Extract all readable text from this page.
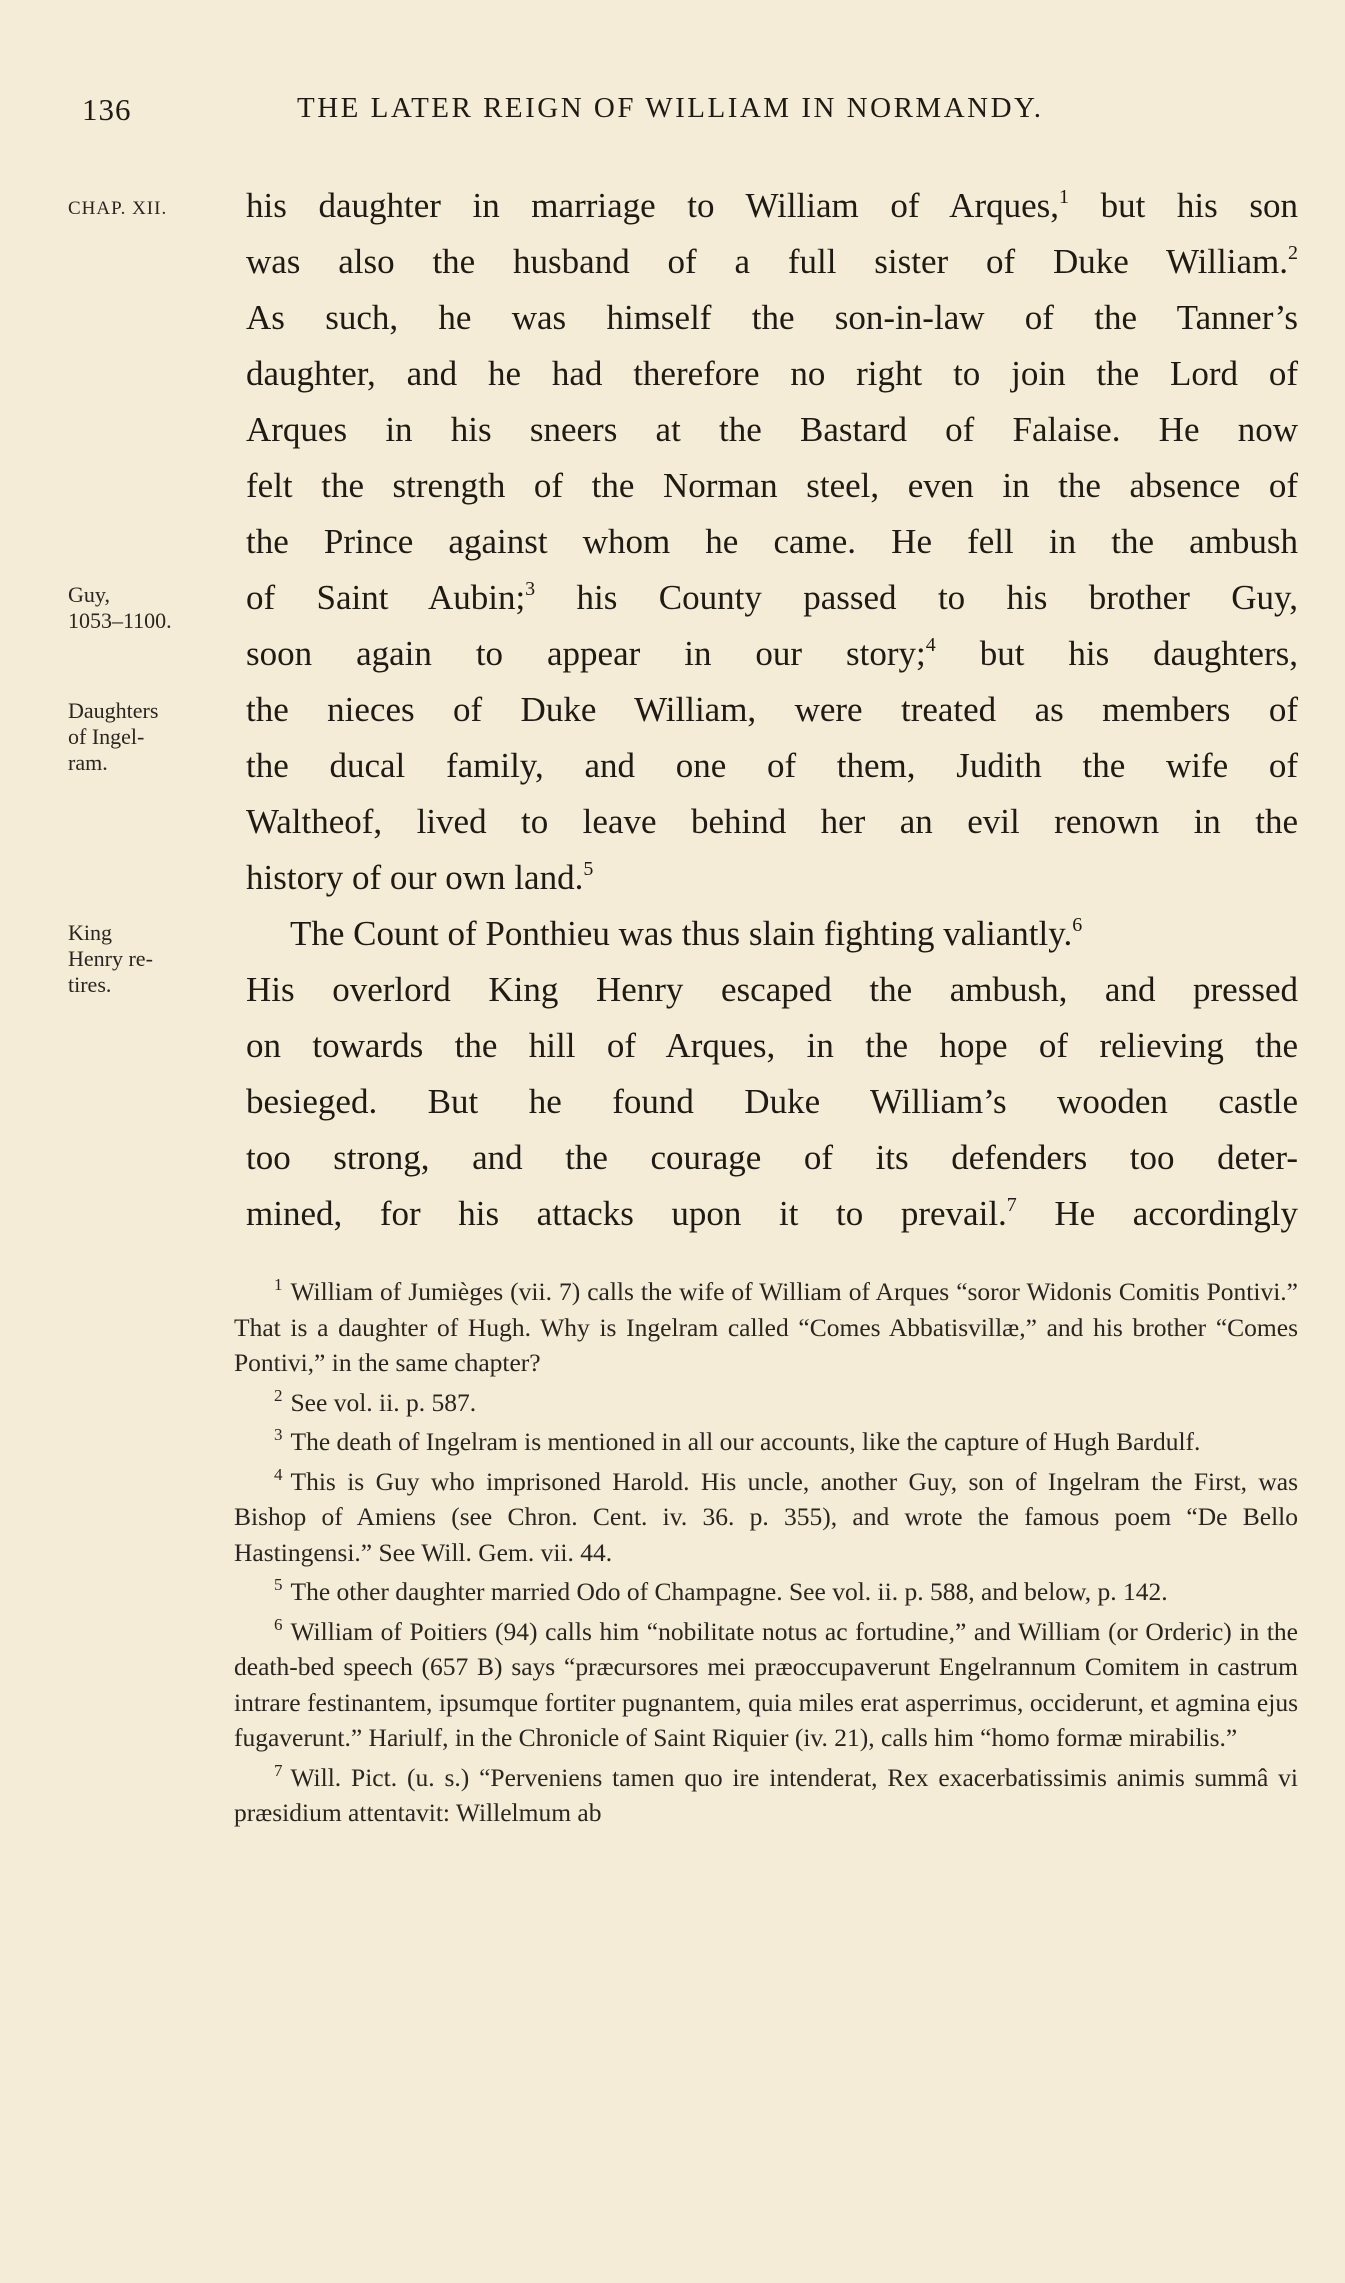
136	THE LATER REIGN OF WILLIAM IN NORMANDY.
CHAP. XII.
Guy,
1053–1100.
Daughters
of Ingel-
ram.
King
Henry re-
tires.
his daughter in marriage to William of Arques,$^1$ but his son
was also the husband of a full sister of Duke William.$^2$
As such, he was himself the son-in-law of the Tanner’s
daughter, and he had therefore no right to join the Lord of
Arques in his sneers at the Bastard of Falaise. He now
felt the strength of the Norman steel, even in the absence of
the Prince against whom he came. He fell in the ambush
of Saint Aubin;$^3$ his County passed to his brother Guy,
soon again to appear in our story;$^4$ but his daughters,
the nieces of Duke William, were treated as members of
the ducal family, and one of them, Judith the wife of
Waltheof, lived to leave behind her an evil renown in the
history of our own land.$^5$
The Count of Ponthieu was thus slain fighting valiantly.$^6$
His overlord King Henry escaped the ambush, and pressed
on towards the hill of Arques, in the hope of relieving the
besieged. But he found Duke William’s wooden castle
too strong, and the courage of its defenders too deter-
mined, for his attacks upon it to prevail.$^7$ He accordingly
$^1$ William of Jumièges (vii. 7) calls the wife of William of Arques “soror Widonis Comitis Pontivi.” That is a daughter of Hugh. Why is Ingelram called “Comes Abbatisvillæ,” and his brother “Comes Pontivi,” in the same chapter?
$^2$ See vol. ii. p. 587.
$^3$ The death of Ingelram is mentioned in all our accounts, like the capture of Hugh Bardulf.
$^4$ This is Guy who imprisoned Harold. His uncle, another Guy, son of Ingelram the First, was Bishop of Amiens (see Chron. Cent. iv. 36. p. 355), and wrote the famous poem “De Bello Hastingensi.” See Will. Gem. vii. 44.
$^5$ The other daughter married Odo of Champagne. See vol. ii. p. 588, and below, p. 142.
$^6$ William of Poitiers (94) calls him “nobilitate notus ac fortudine,” and William (or Orderic) in the death-bed speech (657 B) says “præcursores mei præoccupaverunt Engelrannum Comitem in castrum intrare festinantem, ipsumque fortiter pugnantem, quia miles erat asperrimus, occiderunt, et agmina ejus fugaverunt.” Hariulf, in the Chronicle of Saint Riquier (iv. 21), calls him “homo formæ mirabilis.”
$^7$ Will. Pict. (u. s.) “Perveniens tamen quo ire intenderat, Rex exacerbatissimis animis summâ vi præsidium attentavit: Willelmum ab
